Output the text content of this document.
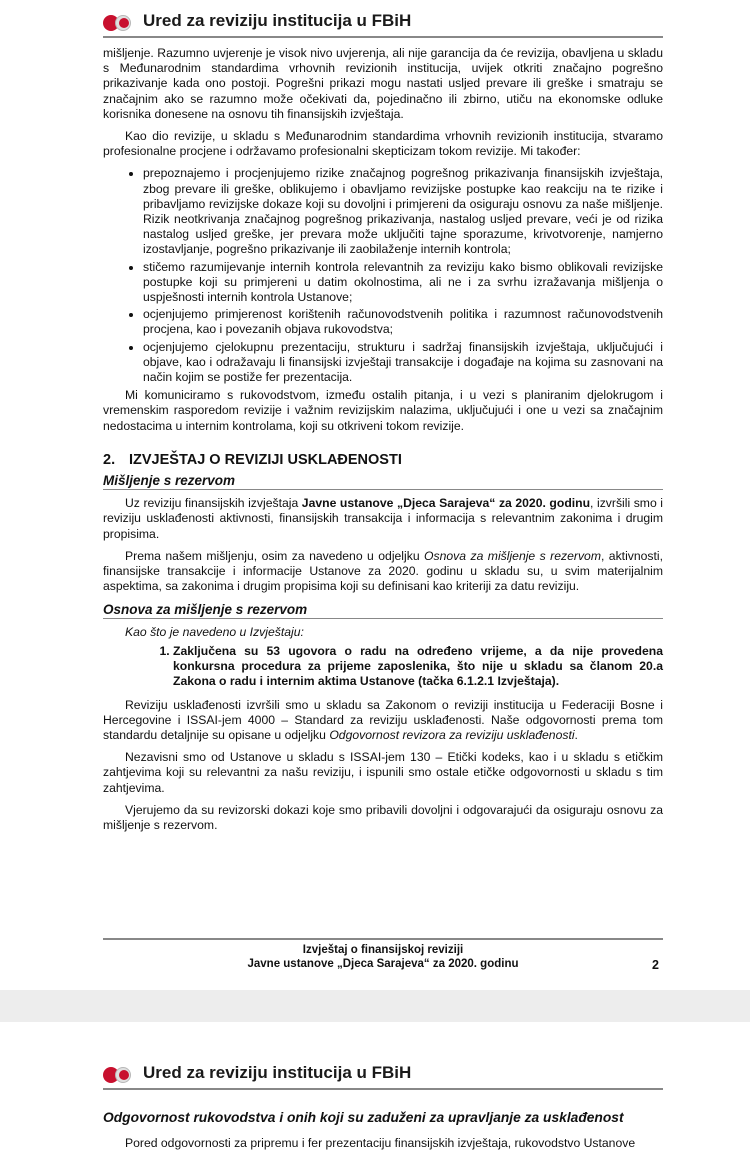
Ured za reviziju institucija u FBiH

mišljenje. Razumno uvjerenje je visok nivo uvjerenja, ali nije garancija da će revizija, obavljena u skladu s Međunarodnim standardima vrhovnih revizionih institucija, uvijek otkriti značajno pogrešno prikazivanje kada ono postoji. Pogrešni prikazi mogu nastati usljed prevare ili greške i smatraju se značajnim ako se razumno može očekivati da, pojedinačno ili zbirno, utiču na ekonomske odluke korisnika donesene na osnovu tih finansijskih izvještaja.

Kao dio revizije, u skladu s Međunarodnim standardima vrhovnih revizionih institucija, stvaramo profesionalne procjene i održavamo profesionalni skepticizam tokom revizije. Mi također:

• prepoznajemo i procjenjujemo rizike značajnog pogrešnog prikazivanja finansijskih izvještaja, zbog prevare ili greške, oblikujemo i obavljamo revizijske postupke kao reakciju na te rizike i pribavljamo revizijske dokaze koji su dovoljni i primjereni da osiguraju osnovu za naše mišljenje. Rizik neotkrivanja značajnog pogrešnog prikazivanja, nastalog usljed prevare, veći je od rizika nastalog usljed greške, jer prevara može uključiti tajne sporazume, krivotvorenje, namjerno izostavljanje, pogrešno prikazivanje ili zaobilaženje internih kontrola;
• stičemo razumijevanje internih kontrola relevantnih za reviziju kako bismo oblikovali revizijske postupke koji su primjereni u datim okolnostima, ali ne i za svrhu izražavanja mišljenja o uspješnosti internih kontrola Ustanove;
• ocjenjujemo primjerenost korištenih računovodstvenih politika i razumnost računovodstvenih procjena, kao i povezanih objava rukovodstva;
• ocjenjujemo cjelokupnu prezentaciju, strukturu i sadržaj finansijskih izvještaja, uključujući i objave, kao i odražavaju li finansijski izvještaji transakcije i događaje na kojima su zasnovani na način kojim se postiže fer prezentacija.

Mi komuniciramo s rukovodstvom, između ostalih pitanja, i u vezi s planiranim djelokrugom i vremenskim rasporedom revizije i važnim revizijskim nalazima, uključujući i one u vezi sa značajnim nedostacima u internim kontrolama, koji su otkriveni tokom revizije.

2. IZVJEŠTAJ O REVIZIJI USKLAĐENOSTI
Mišljenje s rezervom

Uz reviziju finansijskih izvještaja Javne ustanove „Djeca Sarajeva“ za 2020. godinu, izvršili smo i reviziju usklađenosti aktivnosti, finansijskih transakcija i informacija s relevantnim zakonima i drugim propisima.

Prema našem mišljenju, osim za navedeno u odjeljku Osnova za mišljenje s rezervom, aktivnosti, finansijske transakcije i informacije Ustanove za 2020. godinu u skladu su, u svim materijalnim aspektima, sa zakonima i drugim propisima koji su definisani kao kriteriji za datu reviziju.

Osnova za mišljenje s rezervom
Kao što je navedeno u Izvještaju:
1. Zaključena su 53 ugovora o radu na određeno vrijeme, a da nije provedena konkursna procedura za prijeme zaposlenika, što nije u skladu sa članom 20.a Zakona o radu i internim aktima Ustanove (tačka 6.1.2.1 Izvještaja).

Reviziju usklađenosti izvršili smo u skladu sa Zakonom o reviziji institucija u Federaciji Bosne i Hercegovine i ISSAI-jem 4000 – Standard za reviziju usklađenosti. Naše odgovornosti prema tom standardu detaljnije su opisane u odjeljku Odgovornost revizora za reviziju usklađenosti.

Nezavisni smo od Ustanove u skladu s ISSAI-jem 130 – Etički kodeks, kao i u skladu s etičkim zahtjevima koji su relevantni za našu reviziju, i ispunili smo ostale etičke odgovornosti u skladu s tim zahtjevima.

Vjerujemo da su revizorski dokazi koje smo pribavili dovoljni i odgovarajući da osiguraju osnovu za mišljenje s rezervom.

Izvještaj o finansijskoj reviziji
Javne ustanove „Djeca Sarajeva“ za 2020. godinu	2
Ured za reviziju institucija u FBiH
Odgovornost rukovodstva i onih koji su zaduženi za upravljanje za usklađenost
Pored odgovornosti za pripremu i fer prezentaciju finansijskih izvještaja, rukovodstvo Ustanove
